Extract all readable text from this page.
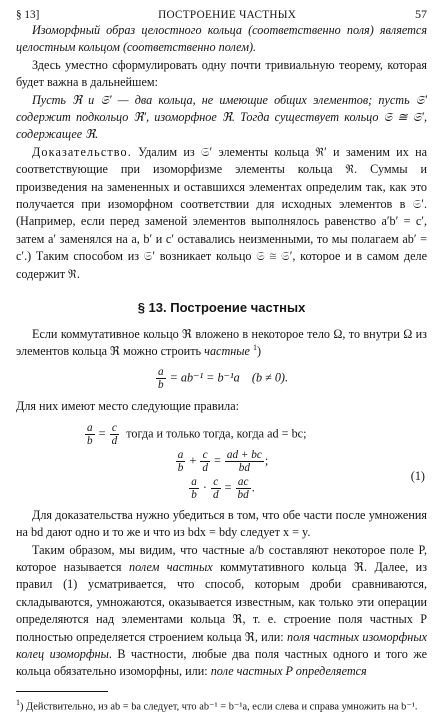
§ 13]	ПОСТРОЕНИЕ ЧАСТНЫХ	57

Изоморфный образ целостного кольца (соответственно поля) является целостным кольцом (соответственно полем).

Здесь уместно сформулировать одну почти тривиальную теорему, которая будет важна в дальнейшем:

Пусть ℜ и 𝔖′ — два кольца, не имеющие общих элементов; пусть 𝔖′ содержит подкольцо ℜ′, изоморфное ℜ. Тогда существует кольцо 𝔖 ≅ 𝔖′, содержащее ℜ.

Доказательство. Удалим из 𝔖′ элементы кольца ℜ′ и заменим их на соответствующие при изоморфизме элементы кольца ℜ. Суммы и произведения на замененных и оставшихся элементах определим так, как это получается при изоморфном соответствии для исходных элементов в 𝔖′. (Например, если перед заменой элементов выполнялось равенство a′b′ = c′, затем a′ заменялся на a, b′ и c′ оставались неизменными, то мы полагаем ab′ = c′.) Таким способом из 𝔖′ возникает кольцо 𝔖 ≅ 𝔖′, которое и в самом деле содержит ℜ.

§ 13. Построение частных

Если коммутативное кольцо ℜ вложено в некоторое тело Ω, то внутри Ω из элементов кольца ℜ можно строить частные $^1$)

$\frac{a}{b} = ab^{-1} = b^{-1}a$    (b ≠ 0).

Для них имеют место следующие правила:

$\frac{a}{b} = \frac{c}{d}$ тогда и только тогда, когда ad = bc;
$\frac{a}{b} + \frac{c}{d} = \frac{ad + bc}{bd}$ ;
$\frac{a}{b} \cdot \frac{c}{d} = \frac{ac}{bd}$ .
(1)

Для доказательства нужно убедиться в том, что обе части после умножения на bd дают одно и то же и что из bdx = bdy следует x = y.

Таким образом, мы видим, что частные a/b составляют некоторое поле P, которое называется полем частных коммутативного кольца ℜ. Далее, из правил (1) усматривается, что способ, которым дроби сравниваются, складываются, умножаются, оказывается известным, как только эти операции определяются над элементами кольца ℜ, т. е. строение поля частных P полностью определяется строением кольца ℜ, или: поля частных изоморфных колец изоморфны. В частности, любые два поля частных одного и того же кольца обязательно изоморфны, или: поле частных P определяется

$^1$) Действительно, из ab = ba следует, что ab⁻¹ = b⁻¹a, если слева и справа умножить на b⁻¹.
